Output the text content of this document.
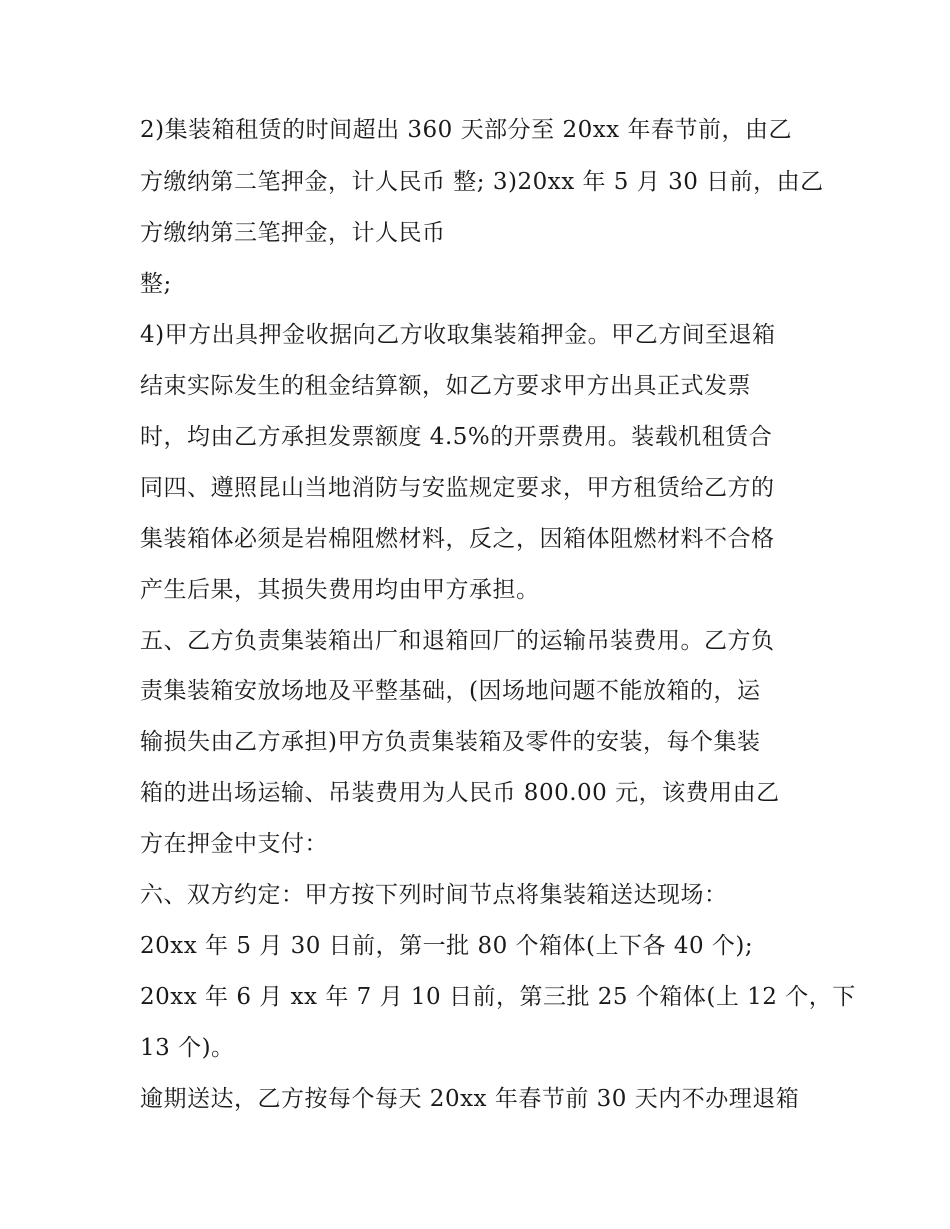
2)集装箱租赁的时间超出 360 天部分至 20xx 年春节前，由乙
方缴纳第二笔押金，计人民币 整; 3)20xx 年 5 月 30 日前，由乙
方缴纳第三笔押金，计人民币
整;
4)甲方出具押金收据向乙方收取集装箱押金。甲乙方间至退箱
结束实际发生的租金结算额，如乙方要求甲方出具正式发票
时，均由乙方承担发票额度 4.5%的开票费用。装载机租赁合
同四、遵照昆山当地消防与安监规定要求，甲方租赁给乙方的
集装箱体必须是岩棉阻燃材料，反之，因箱体阻燃材料不合格
产生后果，其损失费用均由甲方承担。
五、乙方负责集装箱出厂和退箱回厂的运输吊装费用。乙方负
责集装箱安放场地及平整基础，(因场地问题不能放箱的，运
输损失由乙方承担)甲方负责集装箱及零件的安装，每个集装
箱的进出场运输、吊装费用为人民币 800.00 元，该费用由乙
方在押金中支付：
六、双方约定：甲方按下列时间节点将集装箱送达现场：
20xx 年 5 月 30 日前，第一批 80 个箱体(上下各 40 个);
20xx 年 6 月 xx 年 7 月 10 日前，第三批 25 个箱体(上 12 个，下
13 个)。
逾期送达，乙方按每个每天 20xx 年春节前 30 天内不办理退箱
